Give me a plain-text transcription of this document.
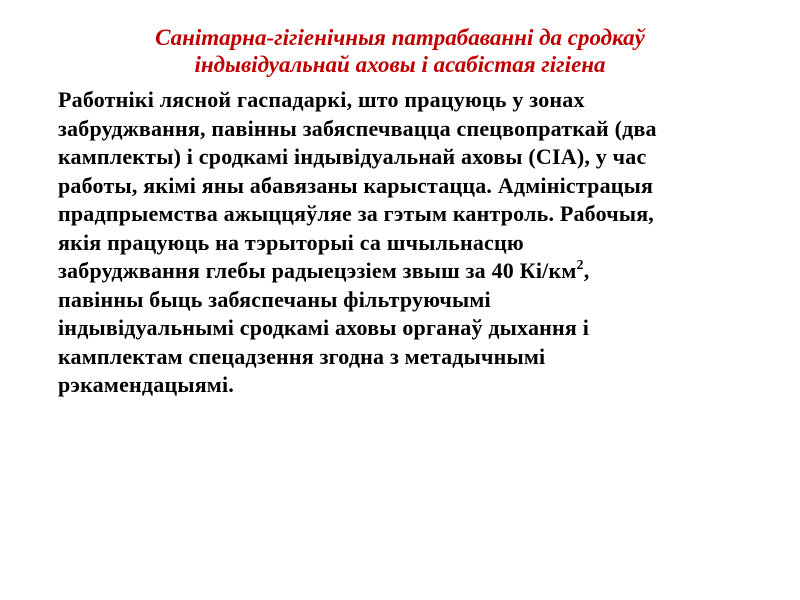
Санітарна-гігіенічныя патрабаванні да сродкаў
індывідуальнай аховы і асабістая гігіена
Работнікі лясной гаспадаркі, што працуюць у зонах
забруджвання, павінны забяспечвацца спецвопраткай (два
камплекты) і сродкамі індывідуальнай аховы (СІА), у час
работы, якімі яны абавязаны карыстацца. Адміністрацыя
прадпрыемства ажыццяўляе за гэтым кантроль. Рабочыя,
якія працуюць на тэрыторыі са шчыльнасцю
забруджвання глебы радыецэзіем звыш за 40 $Кі/км^2$,
павінны быць забяспечаны фільтруючымі
індывідуальнымі сродкамі аховы органаў дыхання і
камплектам спецадзення згодна з метадычнымі
рэкамендацыямі.
